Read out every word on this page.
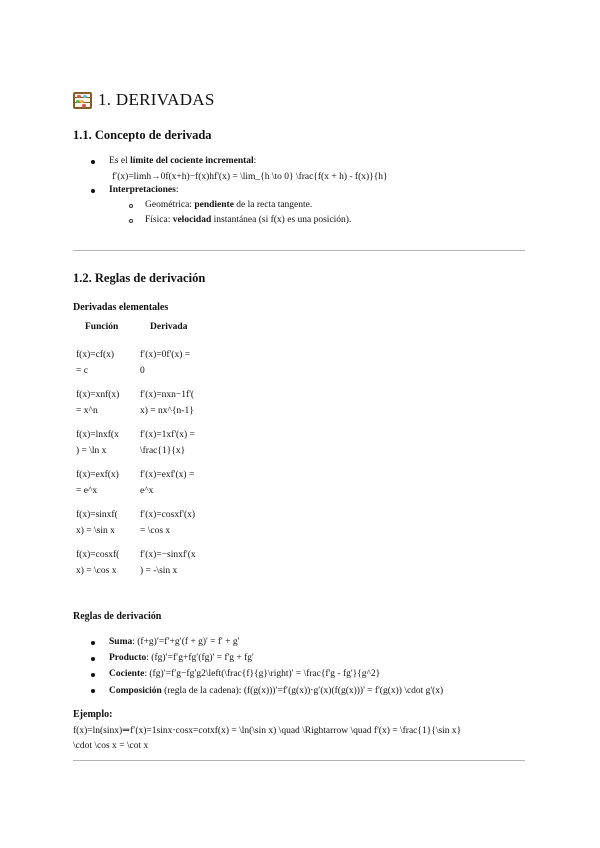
1. DERIVADAS
1.1. Concepto de derivada
Es el límite del cociente incremental:
f′(x)=limh→0f(x+h)−f(x)hf'(x) = \lim_{h \to 0} \frac{f(x + h) - f(x)}{h}
Interpretaciones:
Geométrica: pendiente de la recta tangente.
Física: velocidad instantánea (si f(x) es una posición).
1.2. Reglas de derivación
Derivadas elementales
Función	Derivada
f(x)=cf(x)
= c
f′(x)=0f'(x) =
0
f(x)=xnf(x)
= x^n
f′(x)=nxn−1f'(
x) = nx^{n-1}
f(x)=ln⁡xf(x
) = \ln x
f′(x)=1xf'(x) =
\frac{1}{x}
f(x)=exf(x)
= e^x
f′(x)=exf'(x) =
e^x
f(x)=sin⁡xf(
x) = \sin x
f′(x)=cos⁡xf'(x)
= \cos x
f(x)=cos⁡xf(
x) = \cos x
f′(x)=−sin⁡xf'(x
) = -\sin x
Reglas de derivación
Suma: (f+g)′=f′+g′(f + g)' = f' + g'
Producto: (fg)′=f′g+fg′(fg)' = f'g + fg'
Cociente: (fg)′=f′g−fg′g2\left(\frac{f}{g}\right)' = \frac{f'g - fg'}{g^2}
Composición (regla de la cadena): (f(g(x)))′=f′(g(x))⋅g′(x)(f(g(x)))' = f'(g(x)) \cdot g'(x)
Ejemplo:
f(x)=ln⁡(sin⁡x)⇒f′(x)=1sin⁡x⋅cos⁡x=cot⁡xf(x) = \ln(\sin x) \quad \Rightarrow \quad f'(x) = \frac{1}{\sin x}
\cdot \cos x = \cot x
